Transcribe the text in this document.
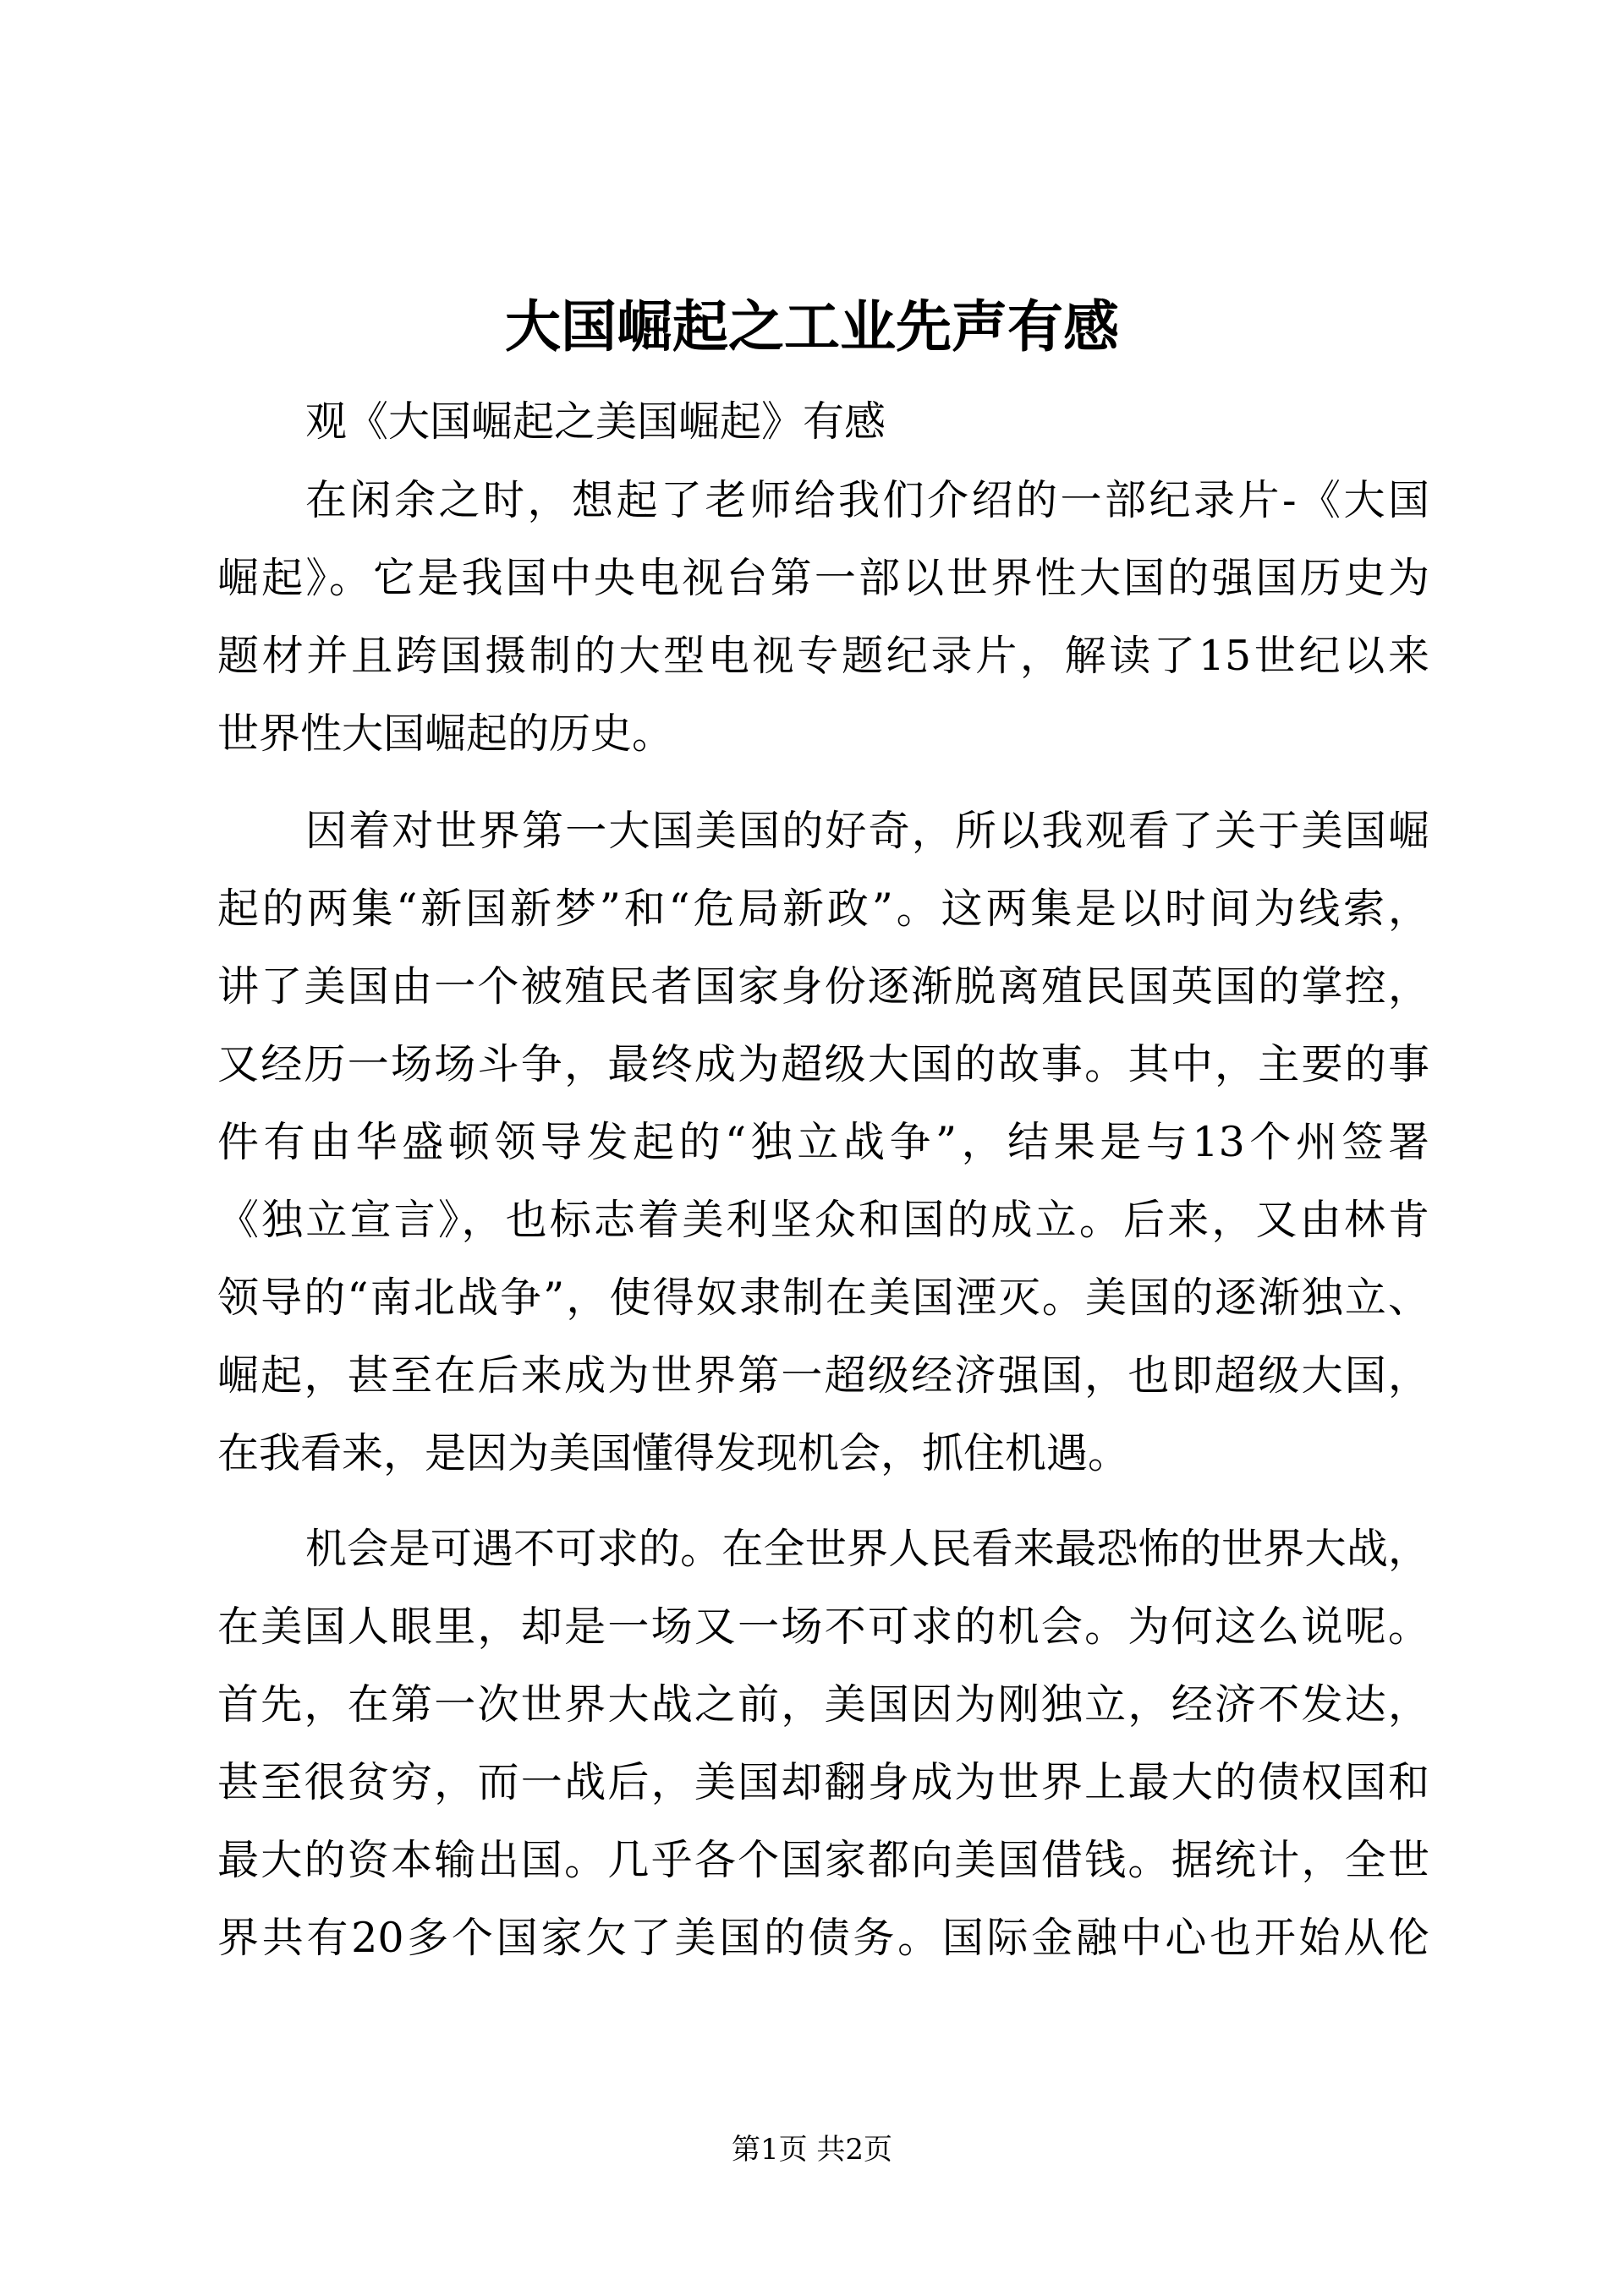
大国崛起之工业先声有感
观《大国崛起之美国崛起》有感
在闲余之时，想起了老师给我们介绍的一部纪录片-《大国
崛起》。它是我国中央电视台第一部以世界性大国的强国历史为
题材并且跨国摄制的大型电视专题纪录片，解读了15世纪以来
世界性大国崛起的历史。
因着对世界第一大国美国的好奇，所以我观看了关于美国崛
起的两集“新国新梦”和“危局新政”。这两集是以时间为线索，
讲了美国由一个被殖民者国家身份逐渐脱离殖民国英国的掌控，
又经历一场场斗争，最终成为超级大国的故事。其中，主要的事
件有由华盛顿领导发起的“独立战争”，结果是与13个州签署
《独立宣言》，也标志着美利坚众和国的成立。后来，又由林肯
领导的“南北战争”，使得奴隶制在美国湮灭。美国的逐渐独立、
崛起，甚至在后来成为世界第一超级经济强国，也即超级大国，
在我看来，是因为美国懂得发现机会，抓住机遇。
机会是可遇不可求的。在全世界人民看来最恐怖的世界大战，
在美国人眼里，却是一场又一场不可求的机会。为何这么说呢。
首先，在第一次世界大战之前，美国因为刚独立，经济不发达，
甚至很贫穷，而一战后，美国却翻身成为世界上最大的债权国和
最大的资本输出国。几乎各个国家都向美国借钱。据统计，全世
界共有20多个国家欠了美国的债务。国际金融中心也开始从伦
第1页 共2页
